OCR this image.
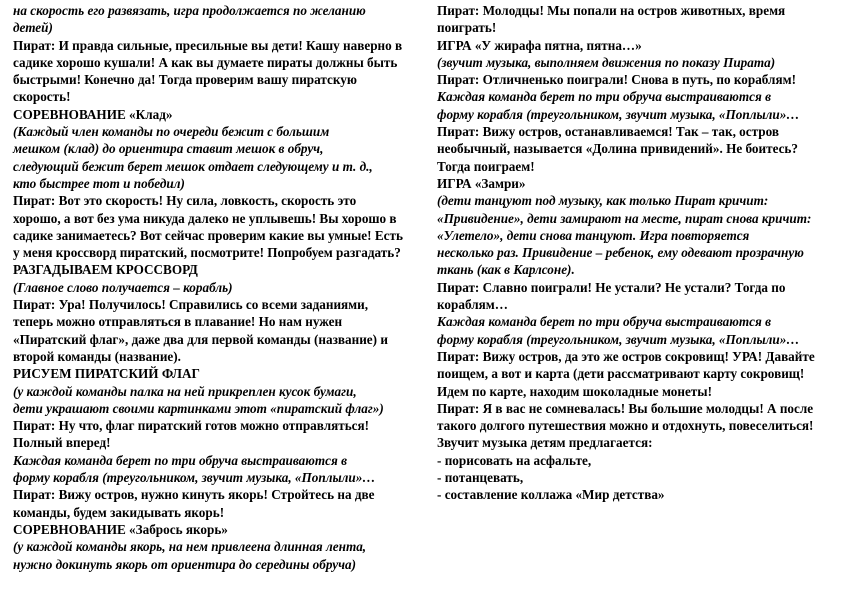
на скорость его развязать, игра продолжается по желанию
детей)
Пират: И правда сильные, пресильные вы дети! Кашу наверно в
садике хорошо кушали! А как вы думаете пираты должны быть
быстрыми! Конечно да! Тогда проверим вашу пиратскую
скорость!
СОРЕВНОВАНИЕ «Клад»
(Каждый член команды по очереди бежит с большим
мешком (клад) до ориентира ставит мешок в обруч,
следующий бежит берет мешок отдает следующему и т. д.,
кто быстрее тот и победил)
Пират: Вот это скорость! Ну сила, ловкость, скорость это
хорошо, а вот без ума никуда далеко не уплывешь! Вы хорошо в
садике занимаетесь? Вот сейчас проверим какие вы умные! Есть
у меня кроссворд пиратский, посмотрите! Попробуем разгадать?
РАЗГАДЫВАЕМ КРОССВОРД
(Главное слово получается – корабль)
Пират: Ура! Получилось! Справились со всеми заданиями,
теперь можно отправляться в плавание! Но нам нужен
«Пиратский флаг», даже два для первой команды (название) и
второй команды (название).
РИСУЕМ ПИРАТСКИЙ ФЛАГ
(у каждой команды палка на ней прикреплен кусок бумаги,
дети украшают своими картинками этот «пиратский флаг»)
Пират: Ну что, флаг пиратский готов можно отправляться!
Полный вперед!
Каждая команда берет по три обруча выстраиваются в
форму корабля (треугольником, звучит музыка, «Поплыли»…
Пират: Вижу остров, нужно кинуть якорь! Стройтесь на две
команды, будем закидывать якорь!
СОРЕВНОВАНИЕ «Забрось якорь»
(у каждой команды якорь, на нем привлеена длинная лента,
нужно докинуть якорь от ориентира до середины обруча)
Пират: Молодцы! Мы попали на остров животных, время
поиграть!
ИГРА «У жирафа пятна, пятна…»
(звучит музыка, выполняем движения по показу Пирата)
Пират: Отличненько поиграли! Снова в путь, по кораблям!
Каждая команда берет по три обруча выстраиваются в
форму корабля (треугольником, звучит музыка, «Поплыли»…
Пират: Вижу остров, останавливаемся! Так – так, остров
необычный, называется «Долина привидений». Не боитесь?
Тогда поиграем!
ИГРА «Замри»
(дети танцуют под музыку, как только Пират кричит:
«Привидение», дети замирают на месте, пират снова кричит:
«Улетело», дети снова танцуют. Игра повторяется
несколько раз. Привидение – ребенок, ему одевают прозрачную
ткань (как в Карлсоне).
Пират: Славно поиграли! Не устали? Не устали? Тогда по
кораблям…
Каждая команда берет по три обруча выстраиваются в
форму корабля (треугольником, звучит музыка, «Поплыли»…
Пират: Вижу остров, да это же остров сокровищ! УРА! Давайте
поищем, а вот и карта (дети рассматривают карту сокровищ!
Идем по карте, находим шоколадные монеты!
Пират: Я в вас не сомневалась! Вы большие молодцы! А после
такого долгого путешествия можно и отдохнуть, повеселиться!
Звучит музыка детям предлагается:
- порисовать на асфальте,
- потанцевать,
- составление коллажа «Мир детства»
